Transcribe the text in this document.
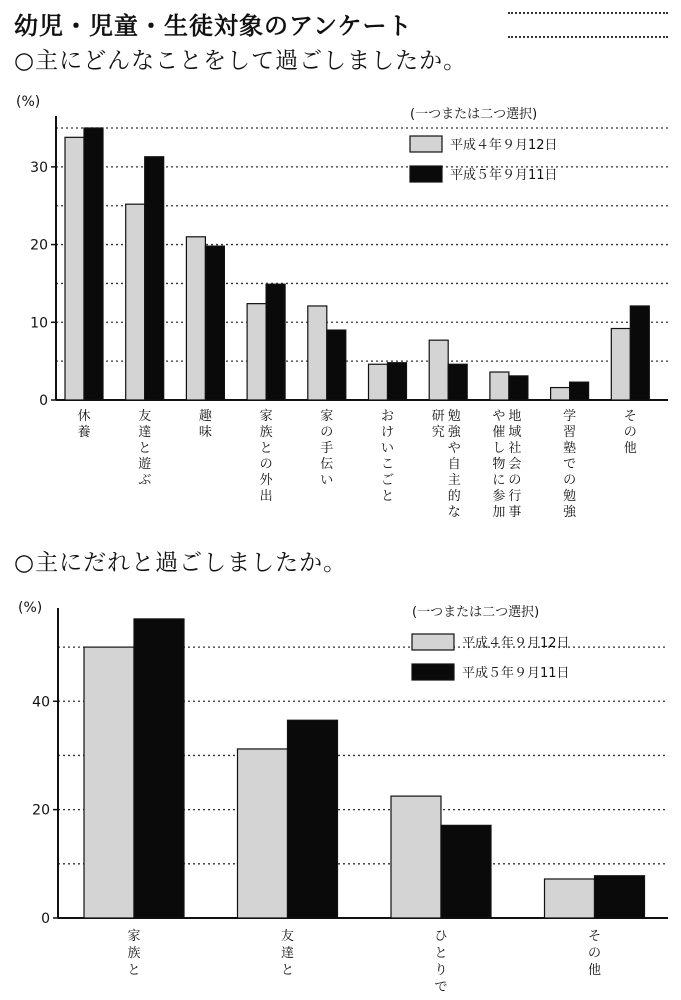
幼児・児童・生徒対象のアンケート
○主にどんなことをして過ごしましたか。
○主にだれと過ごしましたか。
0
10
20
30
(%)
休
養
友
達
と
遊
ぶ
趣
味
家
族
と
の
外
出
家
の
手
伝
い
お
け
い
こ
ご
と
勉
強
や
自
主
的
な
研
究
地
域
社
会
の
行
事
や
催
し
物
に
参
加
学
習
塾
で
の
勉
強
そ
の
他
(一つまたは二つ選択)
平成４年９月12日
平成５年９月11日
0
20
40
(%)
家
族
と
友
達
と
ひ
と
り
で
そ
の
他
(一つまたは二つ選択)
平成４年９月12日
平成５年９月11日
